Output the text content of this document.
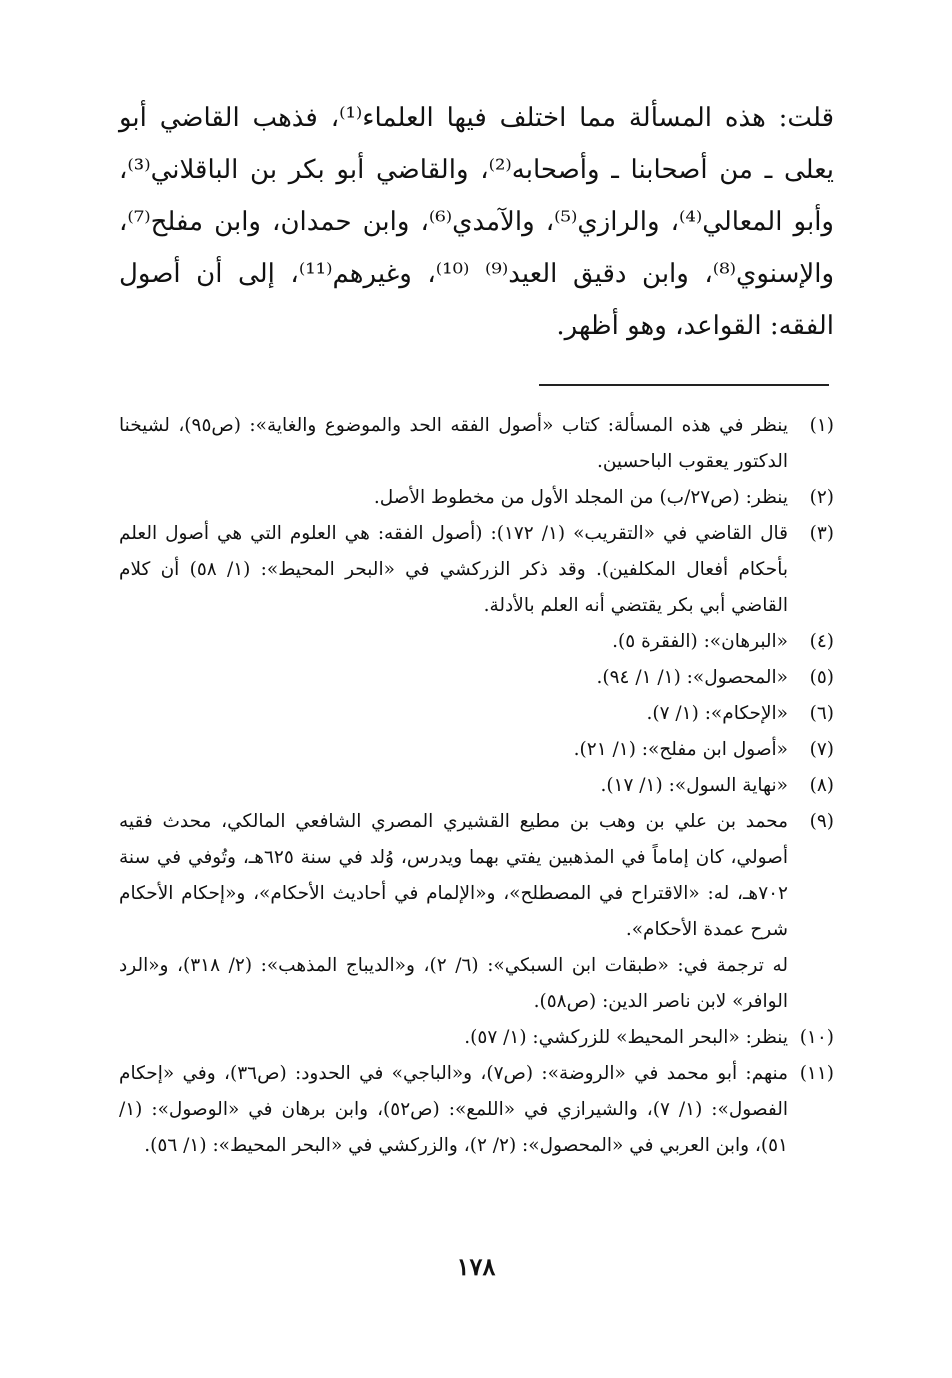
قلت: هذه المسألة مما اختلف فيها العلماء⁽¹⁾، فذهب القاضي أبو يعلى ـ من أصحابنا ـ وأصحابه⁽²⁾، والقاضي أبو بكر بن الباقلاني⁽³⁾، وأبو المعالي⁽⁴⁾، والرازي⁽⁵⁾، والآمدي⁽⁶⁾، وابن حمدان، وابن مفلح⁽⁷⁾، والإسنوي⁽⁸⁾، وابن دقيق العيد⁽⁹⁾ ⁽¹⁰⁾، وغيرهم⁽¹¹⁾، إلى أن أصول الفقه: القواعد، وهو أظهر.

(١)

ينظر في هذه المسألة: كتاب «أصول الفقه الحد والموضوع والغاية»: (ص٩٥)، لشيخنا الدكتور يعقوب الباحسين.

(٢)

ينظر: (ص٢٧/ب) من المجلد الأول من مخطوط الأصل.

(٣)

قال القاضي في «التقريب» (١/ ١٧٢): (أصول الفقه: هي العلوم التي هي أصول العلم بأحكام أفعال المكلفين). وقد ذكر الزركشي في «البحر المحيط»: (١/ ٥٨) أن كلام القاضي أبي بكر يقتضي أنه العلم بالأدلة.

(٤)

«البرهان»: (الفقرة ٥).

(٥)

«المحصول»: (١/ ١/ ٩٤).

(٦)

«الإحكام»: (١/ ٧).

(٧)

«أصول ابن مفلح»: (١/ ٢١).

(٨)

«نهاية السول»: (١/ ١٧).

(٩)

محمد بن علي بن وهب بن مطيع القشيري المصري الشافعي المالكي، محدث فقيه أصولي، كان إماماً في المذهبين يفتي بهما ويدرس، وُلد في سنة ٦٢٥هـ، وتُوفي في سنة ٧٠٢هـ، له: «الاقتراح في المصطلح»، و«الإلمام في أحاديث الأحكام»، و«إحكام الأحكام شرح عمدة الأحكام».

له ترجمة في: «طبقات ابن السبكي»: (٦/ ٢)، و«الديباج المذهب»: (٢/ ٣١٨)، و«الرد الوافر» لابن ناصر الدين: (ص٥٨).

(١٠)

ينظر: «البحر المحيط» للزركشي: (١/ ٥٧).

(١١)

منهم: أبو محمد في «الروضة»: (ص٧)، و«الباجي» في الحدود: (ص٣٦)، وفي «إحكام الفصول»: (١/ ٧)، والشيرازي في «اللمع»: (ص٥٢)، وابن برهان في «الوصول»: (١/ ٥١)، وابن العربي في «المحصول»: (٢/ ٢)، والزركشي في «البحر المحيط»: (١/ ٥٦).

١٧٨
